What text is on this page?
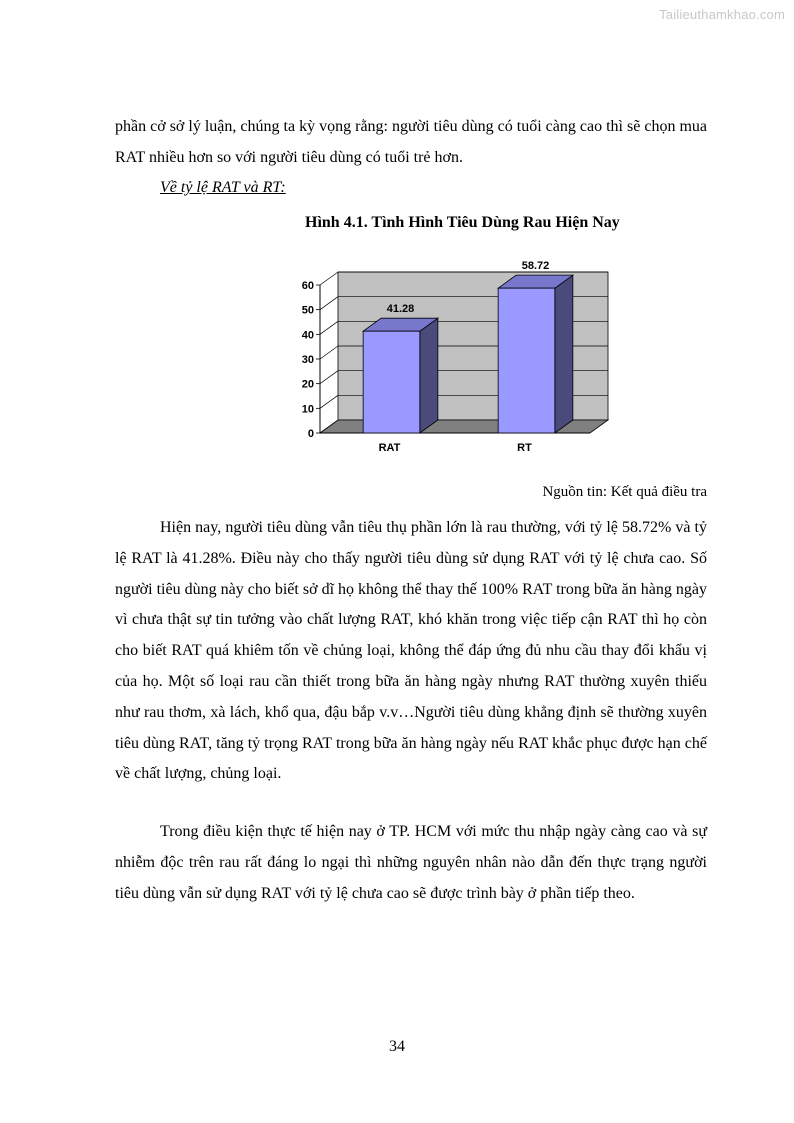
Tailieuthamkhao.com

phần cở sở lý luận, chúng ta kỳ vọng rằng: người tiêu dùng có tuổi càng cao thì sẽ chọn mua RAT nhiều hơn so với người tiêu dùng có tuổi trẻ hơn.

Về tỷ lệ RAT và RT:

Hình 4.1. Tình Hình Tiêu Dùng Rau Hiện Nay

0
10
20
30
40
50
60
41.28
RAT
58.72
RT

Nguồn tin: Kết quả điều tra

Hiện nay, người tiêu dùng vẫn tiêu thụ phần lớn là rau thường, với tỷ lệ 58.72% và tỷ lệ RAT là 41.28%. Điều này cho thấy người tiêu dùng sử dụng RAT với tỷ lệ chưa cao. Số người tiêu dùng này cho biết sở dĩ họ không thể thay thế 100% RAT trong bữa ăn hàng ngày vì chưa thật sự tin tưởng vào chất lượng RAT, khó khăn trong việc tiếp cận RAT thì họ còn cho biết RAT quá khiêm tốn về chủng loại, không thể đáp ứng đủ nhu cầu thay đổi khẩu vị của họ. Một số loại rau cần thiết trong bữa ăn hàng ngày nhưng RAT thường xuyên thiếu như rau thơm, xà lách, khổ qua, đậu bắp v.v…Người tiêu dùng khẳng định sẽ thường xuyên tiêu dùng RAT, tăng tỷ trọng RAT trong bữa ăn hàng ngày nếu RAT khắc phục được hạn chế về chất lượng, chủng loại.

Trong điều kiện thực tế hiện nay ở TP. HCM với mức thu nhập ngày càng cao và sự nhiễm độc trên rau rất đáng lo ngại thì những nguyên nhân nào dẫn đến thực trạng người tiêu dùng vẫn sử dụng RAT với tỷ lệ chưa cao sẽ được trình bày ở phần tiếp theo.

34
